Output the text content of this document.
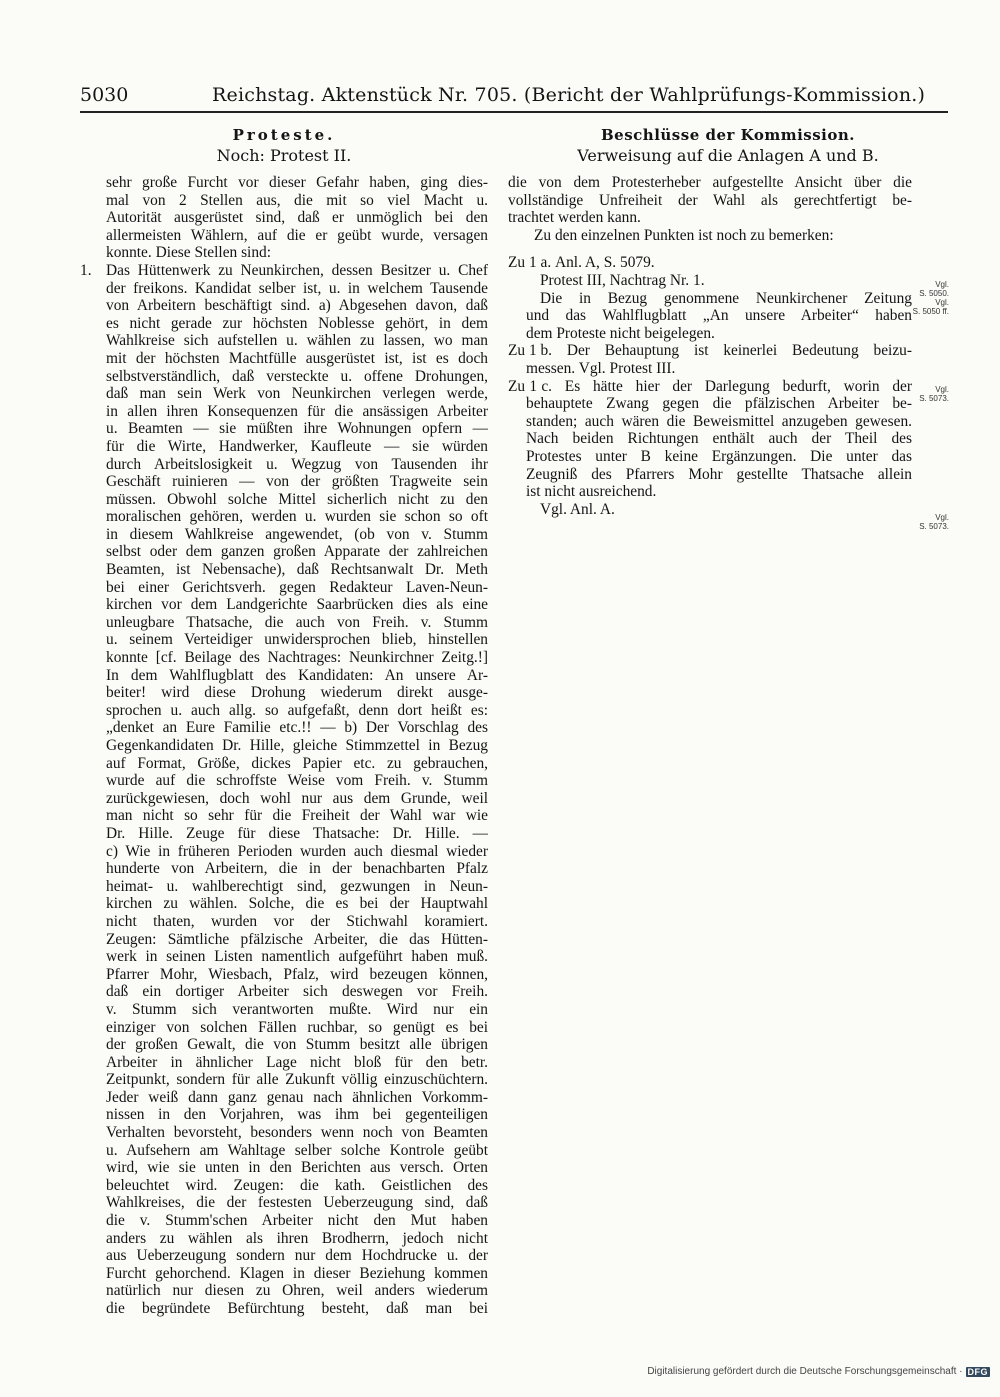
5030	Reichstag. Aktenstück Nr. 705. (Bericht der Wahlprüfungs-Kommission.)
Proteste.
Noch: Protest II.
sehr große Furcht vor dieser Gefahr haben, ging dies-
mal von 2 Stellen aus, die mit so viel Macht u.
Autorität ausgerüstet sind, daß er unmöglich bei den
allermeisten Wählern, auf die er geübt wurde, versagen
konnte. Diese Stellen sind:
1. Das Hüttenwerk zu Neunkirchen, dessen Besitzer u. Chef
der freikons. Kandidat selber ist, u. in welchem Tausende
von Arbeitern beschäftigt sind. a) Abgesehen davon, daß
es nicht gerade zur höchsten Noblesse gehört, in dem
Wahlkreise sich aufstellen u. wählen zu lassen, wo man
mit der höchsten Machtfülle ausgerüstet ist, ist es doch
selbstverständlich, daß versteckte u. offene Drohungen,
daß man sein Werk von Neunkirchen verlegen werde,
in allen ihren Konsequenzen für die ansässigen Arbeiter
u. Beamten — sie müßten ihre Wohnungen opfern —
für die Wirte, Handwerker, Kaufleute — sie würden
durch Arbeitslosigkeit u. Wegzug von Tausenden ihr
Geschäft ruinieren — von der größten Tragweite sein
müssen. Obwohl solche Mittel sicherlich nicht zu den
moralischen gehören, werden u. wurden sie schon so oft
in diesem Wahlkreise angewendet, (ob von v. Stumm
selbst oder dem ganzen großen Apparate der zahlreichen
Beamten, ist Nebensache), daß Rechtsanwalt Dr. Meth
bei einer Gerichtsverh. gegen Redakteur Laven-Neun-
kirchen vor dem Landgerichte Saarbrücken dies als eine
unleugbare Thatsache, die auch von Freih. v. Stumm
u. seinem Verteidiger unwidersprochen blieb, hinstellen
konnte [cf. Beilage des Nachtrages: Neunkirchner Zeitg.!]
In dem Wahlflugblatt des Kandidaten: An unsere Ar-
beiter! wird diese Drohung wiederum direkt ausge-
sprochen u. auch allg. so aufgefaßt, denn dort heißt es:
„denket an Eure Familie etc.!! — b) Der Vorschlag des
Gegenkandidaten Dr. Hille, gleiche Stimmzettel in Bezug
auf Format, Größe, dickes Papier etc. zu gebrauchen,
wurde auf die schroffste Weise vom Freih. v. Stumm
zurückgewiesen, doch wohl nur aus dem Grunde, weil
man nicht so sehr für die Freiheit der Wahl war wie
Dr. Hille. Zeuge für diese Thatsache: Dr. Hille. —
c) Wie in früheren Perioden wurden auch diesmal wieder
hunderte von Arbeitern, die in der benachbarten Pfalz
heimat- u. wahlberechtigt sind, gezwungen in Neun-
kirchen zu wählen. Solche, die es bei der Hauptwahl
nicht thaten, wurden vor der Stichwahl koramiert.
Zeugen: Sämtliche pfälzische Arbeiter, die das Hütten-
werk in seinen Listen namentlich aufgeführt haben muß.
Pfarrer Mohr, Wiesbach, Pfalz, wird bezeugen können,
daß ein dortiger Arbeiter sich deswegen vor Freih.
v. Stumm sich verantworten mußte. Wird nur ein
einziger von solchen Fällen ruchbar, so genügt es bei
der großen Gewalt, die von Stumm besitzt alle übrigen
Arbeiter in ähnlicher Lage nicht bloß für den betr.
Zeitpunkt, sondern für alle Zukunft völlig einzuschüchtern.
Jeder weiß dann ganz genau nach ähnlichen Vorkomm-
nissen in den Vorjahren, was ihm bei gegenteiligen
Verhalten bevorsteht, besonders wenn noch von Beamten
u. Aufsehern am Wahltage selber solche Kontrole geübt
wird, wie sie unten in den Berichten aus versch. Orten
beleuchtet wird. Zeugen: die kath. Geistlichen des
Wahlkreises, die der festesten Ueberzeugung sind, daß
die v. Stumm'schen Arbeiter nicht den Mut haben
anders zu wählen als ihren Brodherrn, jedoch nicht
aus Ueberzeugung sondern nur dem Hochdrucke u. der
Furcht gehorchend. Klagen in dieser Beziehung kommen
natürlich nur diesen zu Ohren, weil anders wiederum
die begründete Befürchtung besteht, daß man bei
Beschlüsse der Kommission.
Verweisung auf die Anlagen A und B.
die von dem Protesterheber aufgestellte Ansicht über die
vollständige Unfreiheit der Wahl als gerechtfertigt be-
trachtet werden kann.
Zu den einzelnen Punkten ist noch zu bemerken:
Zu 1 a. Anl. A, S. 5079.
Protest III, Nachtrag Nr. 1.
Die in Bezug genommene Neunkirchener Zeitung
und das Wahlflugblatt „An unsere Arbeiter“ haben
dem Proteste nicht beigelegen.
Zu 1 b. Der Behauptung ist keinerlei Bedeutung beizu-
messen. Vgl. Protest III.
Zu 1 c. Es hätte hier der Darlegung bedurft, worin der
behauptete Zwang gegen die pfälzischen Arbeiter be-
standen; auch wären die Beweismittel anzugeben gewesen.
Nach beiden Richtungen enthält auch der Theil des
Protestes unter B keine Ergänzungen. Die unter das
Zeugniß des Pfarrers Mohr gestellte Thatsache allein
ist nicht ausreichend.
Vgl. Anl. A.
Vgl.
S. 5050.
Vgl.
S. 5050 ff.
Vgl.
S. 5073.
Vgl.
S. 5073.
Digitalisierung gefördert durch die Deutsche Forschungsgemeinschaft · DFG
